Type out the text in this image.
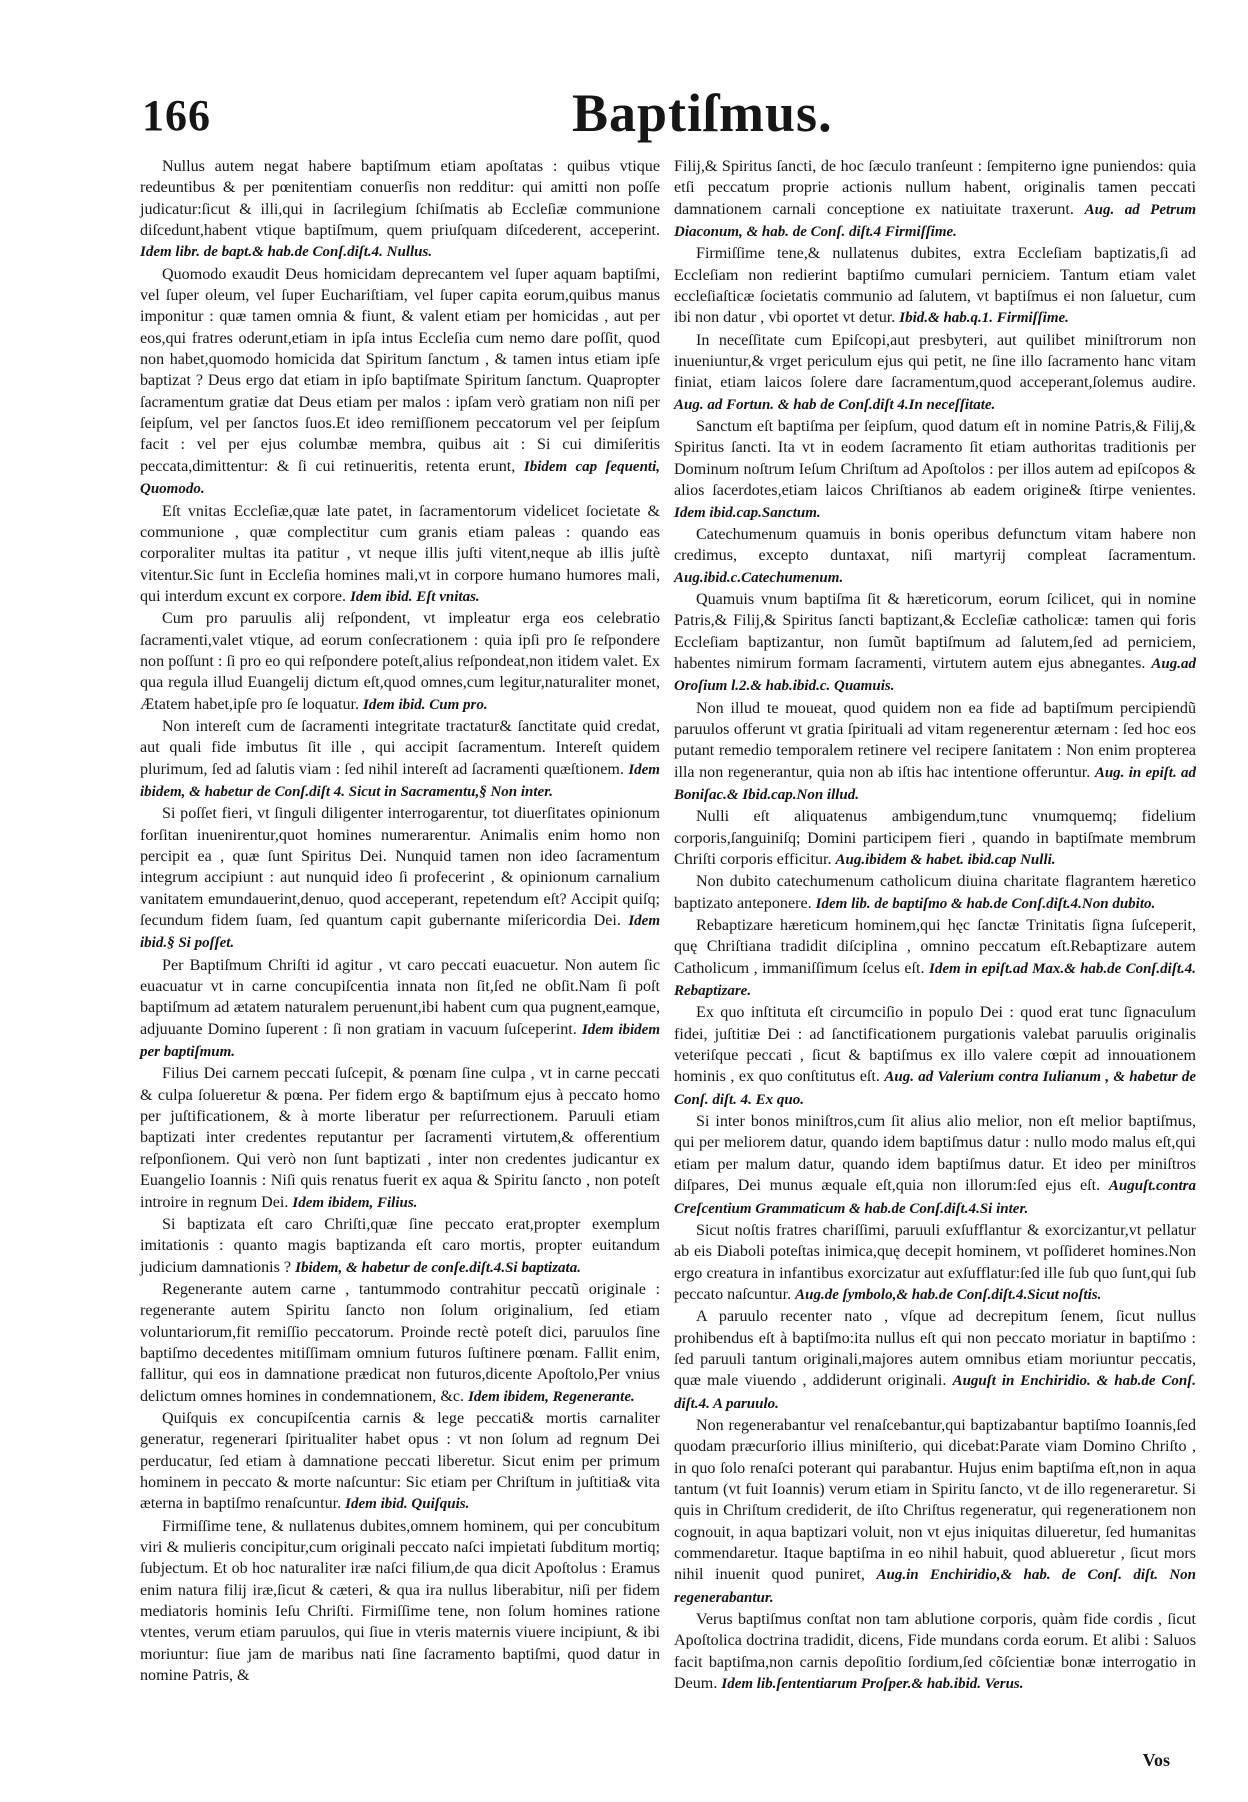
166	Baptiſmus.

Nullus autem negat habere baptiſmum etiam apoſtatas : quibus vtique redeuntibus & per pœnitentiam conuerſis non redditur: qui amitti non poſſe judicatur:ſicut & illi,qui in ſacrilegium ſchiſmatis ab Eccleſiæ communione diſcedunt,habent vtique baptiſmum, quem priuſquam diſcederent, acceperint. Idem libr. de bapt.& hab.de Conſ.diſt.4. Nullus.

Quomodo exaudit Deus homicidam deprecantem vel ſuper aquam baptiſmi, vel ſuper oleum, vel ſuper Euchariſtiam, vel ſuper capita eorum,quibus manus imponitur : quæ tamen omnia & fiunt, & valent etiam per homicidas , aut per eos,qui fratres oderunt,etiam in ipſa intus Eccleſia cum nemo dare poſſit, quod non habet,quomodo homicida dat Spiritum ſanctum , & tamen intus etiam ipſe baptizat ? Deus ergo dat etiam in ipſo baptiſmate Spiritum ſanctum. Quapropter ſacramentum gratiæ dat Deus etiam per malos : ipſam verò gratiam non niſi per ſeipſum, vel per ſanctos ſuos.Et ideo remiſſionem peccatorum vel per ſeipſum facit : vel per ejus columbæ membra, quibus ait : Si cui dimiſeritis peccata,dimittentur: & ſi cui retinueritis, retenta erunt, Ibidem cap ſequenti, Quomodo.

Eſt vnitas Eccleſiæ,quæ late patet, in ſacramentorum videlicet ſocietate & communione , quæ complectitur cum granis etiam paleas : quando eas corporaliter multas ita patitur , vt neque illis juſti vitent,neque ab illis juſtè vitentur.Sic ſunt in Eccleſia homines mali,vt in corpore humano humores mali, qui interdum excunt ex corpore. Idem ibid. Eſt vnitas.

Cum pro paruulis alij reſpondent, vt impleatur erga eos celebratio ſacramenti,valet vtique, ad eorum conſecrationem : quia ipſi pro ſe reſpondere non poſſunt : ſi pro eo qui reſpondere poteſt,alius reſpondeat,non itidem valet. Ex qua regula illud Euangelij dictum eſt,quod omnes,cum legitur,naturaliter monet, Ætatem habet,ipſe pro ſe loquatur. Idem ibid. Cum pro.

Non intereſt cum de ſacramenti integritate tractatur& ſanctitate quid credat, aut quali fide imbutus ſit ille , qui accipit ſacramentum. Intereſt quidem plurimum, ſed ad ſalutis viam : ſed nihil intereſt ad ſacramenti quæſtionem. Idem ibidem, & habetur de Conſ.diſt 4. Sicut in Sacramentu,§ Non inter.

Si poſſet fieri, vt ſinguli diligenter interrogarentur, tot diuerſitates opinionum forſitan inuenirentur,quot homines numerarentur. Animalis enim homo non percipit ea , quæ ſunt Spiritus Dei. Nunquid tamen non ideo ſacramentum integrum accipiunt : aut nunquid ideo ſi profecerint , & opinionum carnalium vanitatem emundauerint,denuo, quod acceperant, repetendum eſt? Accipit quiſq; ſecundum fidem ſuam, ſed quantum capit gubernante miſericordia Dei. Idem ibid.§ Si poſſet.

Per Baptiſmum Chriſti id agitur , vt caro peccati euacuetur. Non autem ſic euacuatur vt in carne concupiſcentia innata non ſit,ſed ne obſit.Nam ſi poſt baptiſmum ad ætatem naturalem peruenunt,ibi habent cum qua pugnent,eamque, adjuuante Domino ſuperent : ſi non gratiam in vacuum ſuſceperint. Idem ibidem per baptiſmum.

Filius Dei carnem peccati ſuſcepit, & pœnam ſine culpa , vt in carne peccati & culpa ſolueretur & pœna. Per fidem ergo & baptiſmum ejus à peccato homo per juſtificationem, & à morte liberatur per reſurrectionem. Paruuli etiam baptizati inter credentes reputantur per ſacramenti virtutem,& offerentium reſponſionem. Qui verò non ſunt baptizati , inter non credentes judicantur ex Euangelio Ioannis : Niſi quis renatus fuerit ex aqua & Spiritu ſancto , non poteſt introire in regnum Dei. Idem ibidem, Filius.

Si baptizata eſt caro Chriſti,quæ ſine peccato erat,propter exemplum imitationis : quanto magis baptizanda eſt caro mortis, propter euitandum judicium damnationis ? Ibidem, & habetur de conſe.diſt.4.Si baptizata.

Regenerante autem carne , tantummodo contrahitur peccatũ originale : regenerante autem Spiritu ſancto non ſolum originalium, ſed etiam voluntariorum,fit remiſſio peccatorum. Proinde rectè poteſt dici, paruulos ſine baptiſmo decedentes mitiſſimam omnium futuros ſuſtinere pœnam. Fallit enim, fallitur, qui eos in damnatione prædicat non futuros,dicente Apoſtolo,Per vnius delictum omnes homines in condemnationem, &c. Idem ibidem, Regenerante.

Quiſquis ex concupiſcentia carnis & lege peccati& mortis carnaliter generatur, regenerari ſpiritualiter habet opus : vt non ſolum ad regnum Dei perducatur, ſed etiam à damnatione peccati liberetur. Sicut enim per primum hominem in peccato & morte naſcuntur: Sic etiam per Chriſtum in juſtitia& vita æterna in baptiſmo renaſcuntur. Idem ibid. Quiſquis.

Firmiſſime tene, & nullatenus dubites,omnem hominem, qui per concubitum viri & mulieris concipitur,cum originali peccato naſci impietati ſubditum mortiq; ſubjectum. Et ob hoc naturaliter iræ naſci filium,de qua dicit Apoſtolus : Eramus enim natura filij iræ,ſicut & cæteri, & qua ira nullus liberabitur, niſi per fidem mediatoris hominis Ieſu Chriſti. Firmiſſime tene, non ſolum homines ratione vtentes, verum etiam paruulos, qui ſiue in vteris maternis viuere incipiunt, & ibi moriuntur: ſiue jam de maribus nati ſine ſacramento baptiſmi, quod datur in nomine Patris, &

Filij,& Spiritus ſancti, de hoc ſæculo tranſeunt : ſempiterno igne puniendos: quia etſi peccatum proprie actionis nullum habent, originalis tamen peccati damnationem carnali conceptione ex natiuitate traxerunt. Aug. ad Petrum Diaconum, & hab. de Conſ. diſt.4 Firmiſſime.

Firmiſſime tene,& nullatenus dubites, extra Eccleſiam baptizatis,ſi ad Eccleſiam non redierint baptiſmo cumulari perniciem. Tantum etiam valet eccleſiaſticæ ſocietatis communio ad ſalutem, vt baptiſmus ei non ſaluetur, cum ibi non datur , vbi oportet vt detur. Ibid.& hab.q.1. Firmiſſime.

In neceſſitate cum Epiſcopi,aut presbyteri, aut quilibet miniſtrorum non inueniuntur,& vrget periculum ejus qui petit, ne ſine illo ſacramento hanc vitam finiat, etiam laicos ſolere dare ſacramentum,quod acceperant,ſolemus audire. Aug. ad Fortun. & hab de Conſ.diſt 4.In neceſſitate.

Sanctum eſt baptiſma per ſeipſum, quod datum eſt in nomine Patris,& Filij,& Spiritus ſancti. Ita vt in eodem ſacramento ſit etiam authoritas traditionis per Dominum noſtrum Ieſum Chriſtum ad Apoſtolos : per illos autem ad epiſcopos & alios ſacerdotes,etiam laicos Chriſtianos ab eadem origine& ſtirpe venientes. Idem ibid.cap.Sanctum.

Catechumenum quamuis in bonis operibus defunctum vitam habere non credimus, excepto duntaxat, niſi martyrij compleat ſacramentum. Aug.ibid.c.Catechumenum.

Quamuis vnum baptiſma ſit & hæreticorum, eorum ſcilicet, qui in nomine Patris,& Filij,& Spiritus ſancti baptizant,& Eccleſiæ catholicæ: tamen qui foris Eccleſiam baptizantur, non ſumũt baptiſmum ad ſalutem,ſed ad perniciem, habentes nimirum formam ſacramenti, virtutem autem ejus abnegantes. Aug.ad Oroſium l.2.& hab.ibid.c. Quamuis.

Non illud te moueat, quod quidem non ea fide ad baptiſmum percipiendũ paruulos offerunt vt gratia ſpirituali ad vitam regenerentur æternam : ſed hoc eos putant remedio temporalem retinere vel recipere ſanitatem : Non enim propterea illa non regenerantur, quia non ab iſtis hac intentione offeruntur. Aug. in epiſt. ad Boniſac.& Ibid.cap.Non illud.

Nulli eſt aliquatenus ambigendum,tunc vnumquemq; fidelium corporis,ſanguiniſq; Domini participem fieri , quando in baptiſmate membrum Chriſti corporis efficitur. Aug.ibidem & habet. ibid.cap Nulli.

Non dubito catechumenum catholicum diuina charitate flagrantem hæretico baptizato anteponere. Idem lib. de baptiſmo & hab.de Conſ.diſt.4.Non dubito.

Rebaptizare hæreticum hominem,qui hęc ſanctæ Trinitatis ſigna ſuſceperit, quę Chriſtiana tradidit diſciplina , omnino peccatum eſt.Rebaptizare autem Catholicum , immaniſſimum ſcelus eſt. Idem in epiſt.ad Max.& hab.de Conſ.diſt.4. Rebaptizare.

Ex quo inſtituta eſt circumciſio in populo Dei : quod erat tunc ſignaculum fidei, juſtitiæ Dei : ad ſanctificationem purgationis valebat paruulis originalis veteriſque peccati , ſicut & baptiſmus ex illo valere cœpit ad innouationem hominis , ex quo conſtitutus eſt. Aug. ad Valerium contra Iulianum , & habetur de Conſ. diſt. 4. Ex quo.

Si inter bonos miniſtros,cum ſit alius alio melior, non eſt melior baptiſmus, qui per meliorem datur, quando idem baptiſmus datur : nullo modo malus eſt,qui etiam per malum datur, quando idem baptiſmus datur. Et ideo per miniſtros diſpares, Dei munus æquale eſt,quia non illorum:ſed ejus eſt. Auguſt.contra Creſcentium Grammaticum & hab.de Conſ.diſt.4.Si inter.

Sicut noſtis fratres chariſſimi, paruuli exſufflantur & exorcizantur,vt pellatur ab eis Diaboli poteſtas inimica,quę decepit hominem, vt poſſideret homines.Non ergo creatura in infantibus exorcizatur aut exſufflatur:ſed ille ſub quo ſunt,qui ſub peccato naſcuntur. Aug.de ſymbolo,& hab.de Conſ.diſt.4.Sicut noſtis.

A paruulo recenter nato , vſque ad decrepitum ſenem, ſicut nullus prohibendus eſt à baptiſmo:ita nullus eſt qui non peccato moriatur in baptiſmo : ſed paruuli tantum originali,majores autem omnibus etiam moriuntur peccatis, quæ male viuendo , addiderunt originali. Auguſt in Enchiridio. & hab.de Conſ. diſt.4. A paruulo.

Non regenerabantur vel renaſcebantur,qui baptizabantur baptiſmo Ioannis,ſed quodam præcurſorio illius miniſterio, qui dicebat:Parate viam Domino Chriſto , in quo ſolo renaſci poterant qui parabantur. Hujus enim baptiſma eſt,non in aqua tantum (vt fuit Ioannis) verum etiam in Spiritu ſancto, vt de illo regeneraretur. Si quis in Chriſtum crediderit, de iſto Chriſtus regeneratur, qui regenerationem non cognouit, in aqua baptizari voluit, non vt ejus iniquitas dilueretur, ſed humanitas commendaretur. Itaque baptiſma in eo nihil habuit, quod ablueretur , ſicut mors nihil inuenit quod puniret, Aug.in Enchiridio,& hab. de Conſ. diſt. Non regenerabantur.

Verus baptiſmus conſtat non tam ablutione corporis, quàm fide cordis , ſicut Apoſtolica doctrina tradidit, dicens, Fide mundans corda eorum. Et alibi : Saluos facit baptiſma,non carnis depoſitio ſordium,ſed cõſcientiæ bonæ interrogatio in Deum. Idem lib.ſententiarum Proſper.& hab.ibid. Verus.

Vos
